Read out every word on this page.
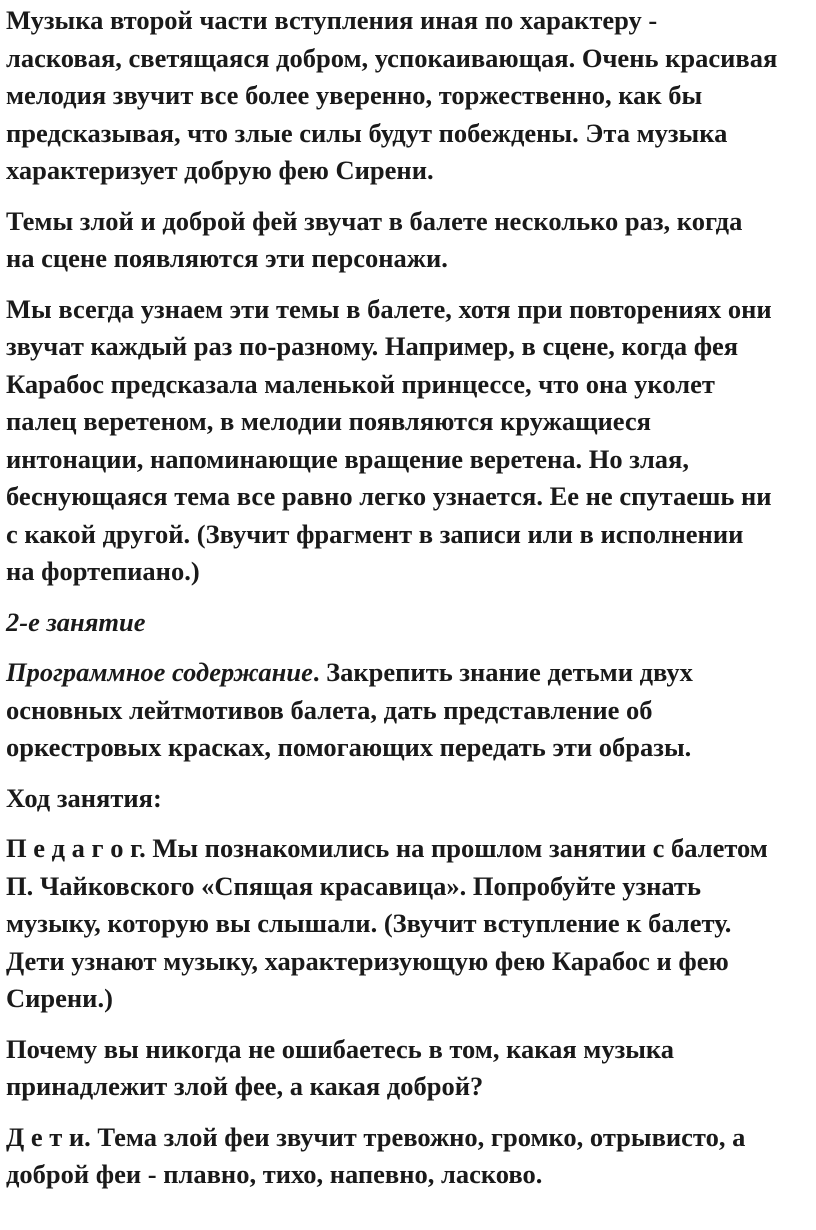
Музыка второй части вступления иная по характеру -
ласковая, светящаяся добром, успокаивающая. Очень красивая
мелодия звучит все более уверенно, торжественно, как бы
предсказывая, что злые силы будут побеждены. Эта музыка
характеризует добрую фею Сирени.
Темы злой и доброй фей звучат в балете несколько раз, когда
на сцене появляются эти персонажи.
Мы всегда узнаем эти темы в балете, хотя при повторениях они
звучат каждый раз по-разному. Например, в сцене, когда фея
Карабос предсказала маленькой принцессе, что она уколет
палец веретеном, в мелодии появляются кружащиеся
интонации, напоминающие вращение веретена. Но злая,
беснующаяся тема все равно легко узнается. Ее не спутаешь ни
с какой другой. (Звучит фрагмент в записи или в исполнении
на фортепиано.)
2-е занятие
Программное содержание. Закрепить знание детьми двух
основных лейтмотивов балета, дать представление об
оркестровых красках, помогающих передать эти образы.
Ход занятия:
П е д а г о г. Мы познакомились на прошлом занятии с балетом
П. Чайковского «Спящая красавица». Попробуйте узнать
музыку, которую вы слышали. (Звучит вступление к балету.
Дети узнают музыку, характеризующую фею Карабос и фею
Сирени.)
Почему вы никогда не ошибаетесь в том, какая музыка
принадлежит злой фее, а какая доброй?
Д е т и. Тема злой феи звучит тревожно, громко, отрывисто, а
доброй феи - плавно, тихо, напевно, ласково.
